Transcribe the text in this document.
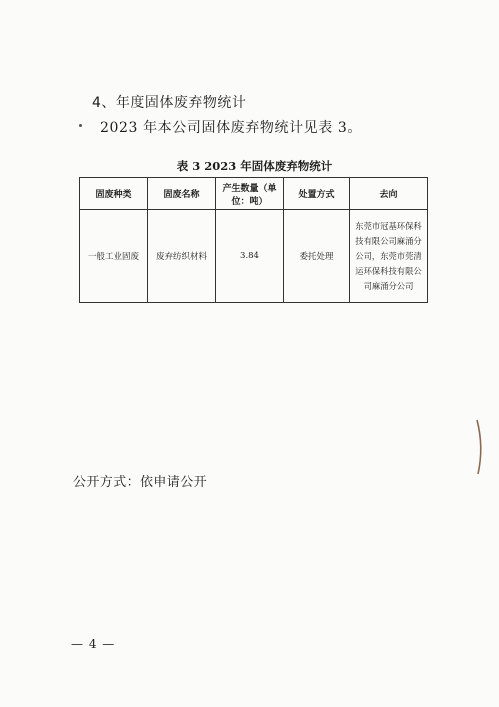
4、年度固体废弃物统计
2023 年本公司固体废弃物统计见表 3。
表 3 2023 年固体废弃物统计
固废种类	固废名称	产生数量（单位：吨）	处置方式	去向
一般工业固废	废弃纺织材料	3.84	委托处理	东莞市冠基环保科技有限公司麻涌分公司，东莞市莞清运环保科技有限公司麻涌分公司
公开方式：依申请公开
— 4 —
